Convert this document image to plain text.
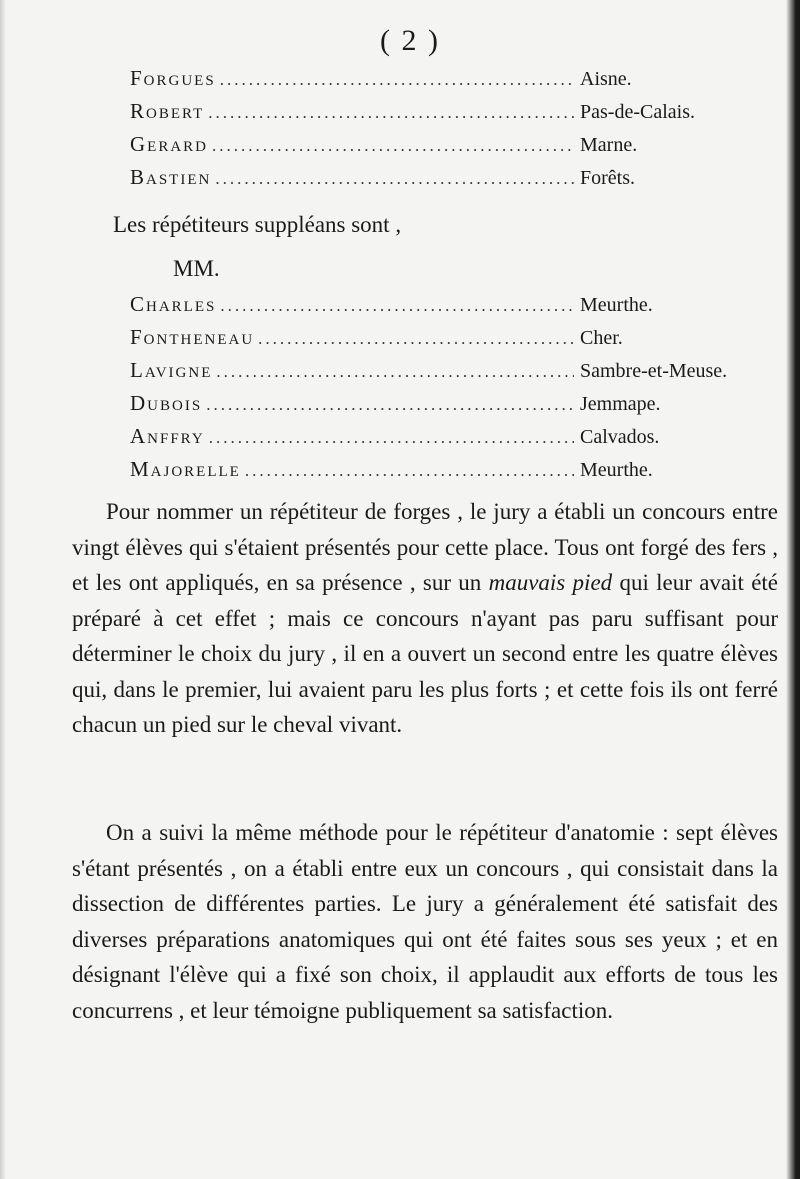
( 2 )
Forgues .....	Aisne.
Robert .....	Pas-de-Calais.
Gerard .....	Marne.
Bastien .....	Forêts.
Les répétiteurs suppléans sont ,
MM.
Charles .....	Meurthe.
Fontheneau .....	Cher.
Lavigne .....	Sambre-et-Meuse.
Dubois .....	Jemmape.
Anffry .....	Calvados.
Majorelle .....	Meurthe.

Pour nommer un répétiteur de forges , le jury a établi un concours entre vingt élèves qui s'étaient présentés pour cette place. Tous ont forgé des fers , et les ont appliqués, en sa présence , sur un mauvais pied qui leur avait été préparé à cet effet ; mais ce concours n'ayant pas paru suffisant pour déterminer le choix du jury , il en a ouvert un second entre les quatre élèves qui, dans le premier, lui avaient paru les plus forts ; et cette fois ils ont ferré chacun un pied sur le cheval vivant.

On a suivi la même méthode pour le répétiteur d'anatomie : sept élèves s'étant présentés , on a établi entre eux un concours , qui consistait dans la dissection de différentes parties. Le jury a généralement été satisfait des diverses préparations anatomiques qui ont été faites sous ses yeux ; et en désignant l'élève qui a fixé son choix, il applaudit aux efforts de tous les concurrens , et leur témoigne publiquement sa satisfaction.
